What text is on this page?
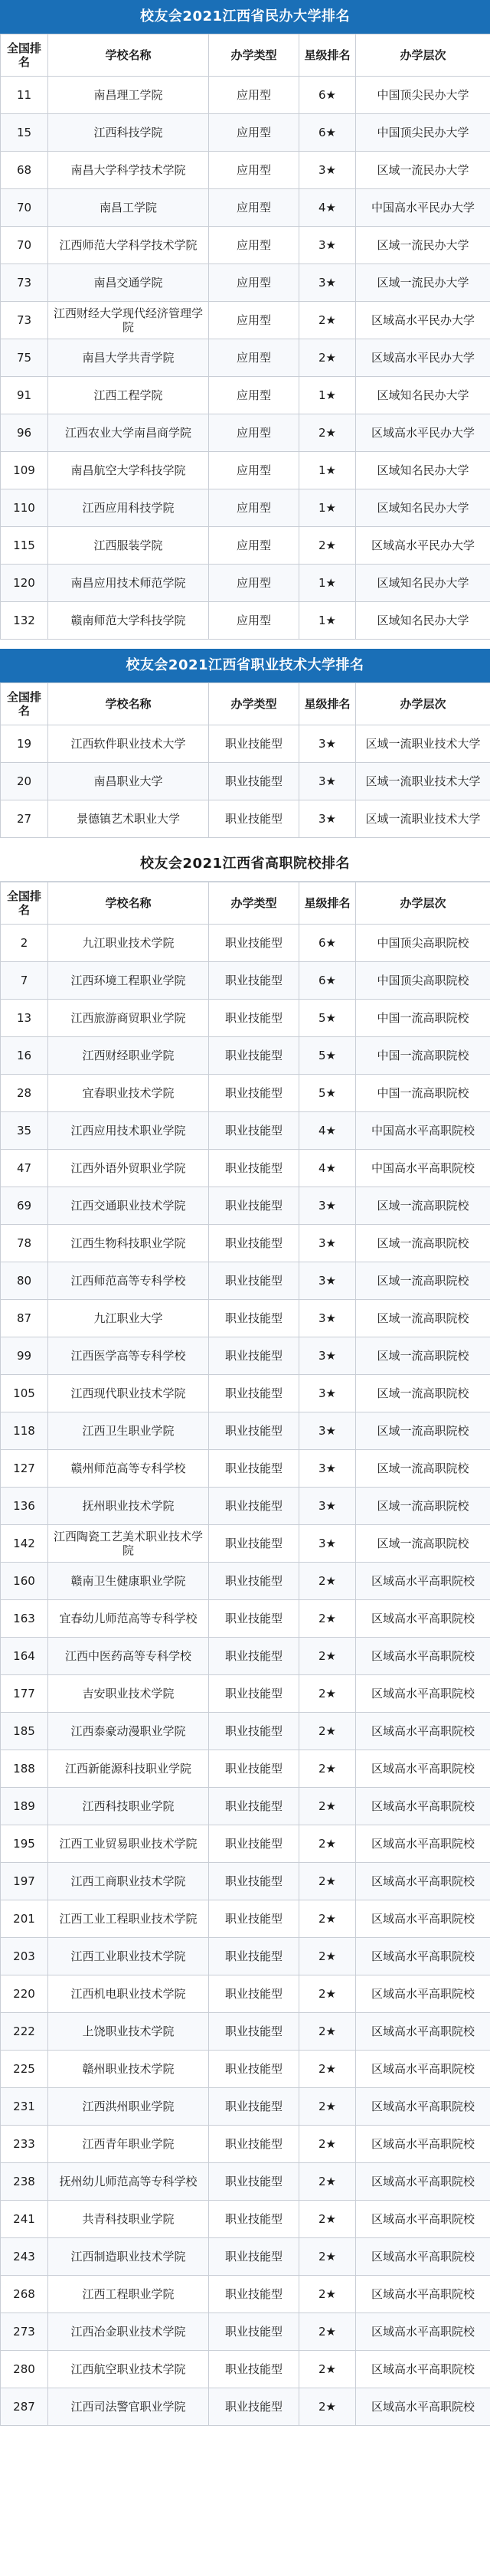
校友会2021江西省民办大学排名
全国排名	学校名称	办学类型	星级排名	办学层次
11	南昌理工学院	应用型	6★	中国顶尖民办大学
15	江西科技学院	应用型	6★	中国顶尖民办大学
68	南昌大学科学技术学院	应用型	3★	区域一流民办大学
70	南昌工学院	应用型	4★	中国高水平民办大学
70	江西师范大学科学技术学院	应用型	3★	区域一流民办大学
73	南昌交通学院	应用型	3★	区域一流民办大学
73	江西财经大学现代经济管理学院	应用型	2★	区域高水平民办大学
75	南昌大学共青学院	应用型	2★	区域高水平民办大学
91	江西工程学院	应用型	1★	区域知名民办大学
96	江西农业大学南昌商学院	应用型	2★	区域高水平民办大学
109	南昌航空大学科技学院	应用型	1★	区域知名民办大学
110	江西应用科技学院	应用型	1★	区域知名民办大学
115	江西服装学院	应用型	2★	区域高水平民办大学
120	南昌应用技术师范学院	应用型	1★	区域知名民办大学
132	赣南师范大学科技学院	应用型	1★	区域知名民办大学
校友会2021江西省职业技术大学排名
全国排名	学校名称	办学类型	星级排名	办学层次
19	江西软件职业技术大学	职业技能型	3★	区域一流职业技术大学
20	南昌职业大学	职业技能型	3★	区域一流职业技术大学
27	景德镇艺术职业大学	职业技能型	3★	区域一流职业技术大学
校友会2021江西省高职院校排名
全国排名	学校名称	办学类型	星级排名	办学层次
2	九江职业技术学院	职业技能型	6★	中国顶尖高职院校
7	江西环境工程职业学院	职业技能型	6★	中国顶尖高职院校
13	江西旅游商贸职业学院	职业技能型	5★	中国一流高职院校
16	江西财经职业学院	职业技能型	5★	中国一流高职院校
28	宜春职业技术学院	职业技能型	5★	中国一流高职院校
35	江西应用技术职业学院	职业技能型	4★	中国高水平高职院校
47	江西外语外贸职业学院	职业技能型	4★	中国高水平高职院校
69	江西交通职业技术学院	职业技能型	3★	区域一流高职院校
78	江西生物科技职业学院	职业技能型	3★	区域一流高职院校
80	江西师范高等专科学校	职业技能型	3★	区域一流高职院校
87	九江职业大学	职业技能型	3★	区域一流高职院校
99	江西医学高等专科学校	职业技能型	3★	区域一流高职院校
105	江西现代职业技术学院	职业技能型	3★	区域一流高职院校
118	江西卫生职业学院	职业技能型	3★	区域一流高职院校
127	赣州师范高等专科学校	职业技能型	3★	区域一流高职院校
136	抚州职业技术学院	职业技能型	3★	区域一流高职院校
142	江西陶瓷工艺美术职业技术学院	职业技能型	3★	区域一流高职院校
160	赣南卫生健康职业学院	职业技能型	2★	区域高水平高职院校
163	宜春幼儿师范高等专科学校	职业技能型	2★	区域高水平高职院校
164	江西中医药高等专科学校	职业技能型	2★	区域高水平高职院校
177	吉安职业技术学院	职业技能型	2★	区域高水平高职院校
185	江西泰豪动漫职业学院	职业技能型	2★	区域高水平高职院校
188	江西新能源科技职业学院	职业技能型	2★	区域高水平高职院校
189	江西科技职业学院	职业技能型	2★	区域高水平高职院校
195	江西工业贸易职业技术学院	职业技能型	2★	区域高水平高职院校
197	江西工商职业技术学院	职业技能型	2★	区域高水平高职院校
201	江西工业工程职业技术学院	职业技能型	2★	区域高水平高职院校
203	江西工业职业技术学院	职业技能型	2★	区域高水平高职院校
220	江西机电职业技术学院	职业技能型	2★	区域高水平高职院校
222	上饶职业技术学院	职业技能型	2★	区域高水平高职院校
225	赣州职业技术学院	职业技能型	2★	区域高水平高职院校
231	江西洪州职业学院	职业技能型	2★	区域高水平高职院校
233	江西青年职业学院	职业技能型	2★	区域高水平高职院校
238	抚州幼儿师范高等专科学校	职业技能型	2★	区域高水平高职院校
241	共青科技职业学院	职业技能型	2★	区域高水平高职院校
243	江西制造职业技术学院	职业技能型	2★	区域高水平高职院校
268	江西工程职业学院	职业技能型	2★	区域高水平高职院校
273	江西冶金职业技术学院	职业技能型	2★	区域高水平高职院校
280	江西航空职业技术学院	职业技能型	2★	区域高水平高职院校
287	江西司法警官职业学院	职业技能型	2★	区域高水平高职院校
